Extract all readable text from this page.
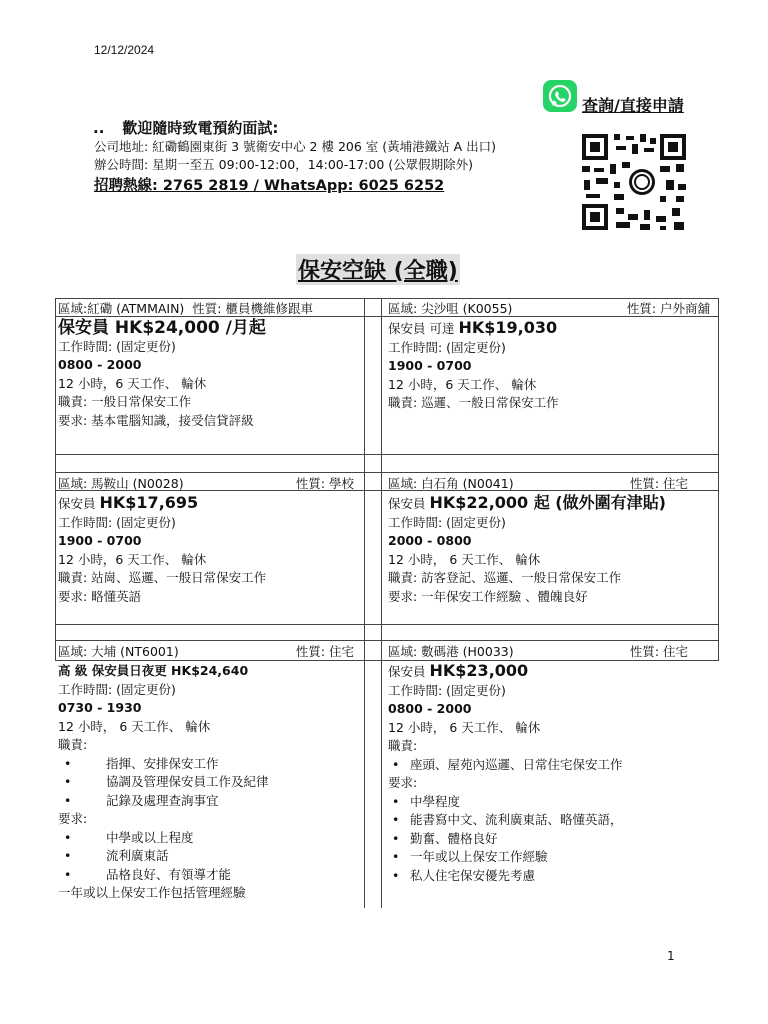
12/12/2024
查詢/直接申請
.. 歡迎隨時致電預約面試:
公司地址: 紅磡鶴園東街 3 號衛安中心 2 樓 206 室 (黃埔港鐵站 A 出口)
辦公時間: 星期一至五 09:00-12:00，14:00-17:00 (公眾假期除外)
招聘熱線: 2765 2819 / WhatsApp: 6025 6252
保安空缺 (全職)
區域:紅磡 (ATMMAIN) 性質: 櫃員機維修跟車
保安員 HK$24,000 /月起
工作時間: (固定更份)
0800 - 2000
12 小時，6 天工作、 輪休
職責: 一般日常保安工作
要求: 基本電腦知識，接受信貸評級
區域: 尖沙咀 (K0055)	性質: 户外商舖
保安員 可達 HK$19,030
工作時間: (固定更份)
1900 - 0700
12 小時，6 天工作、 輪休
職責: 巡邏、一般日常保安工作
區域: 馬鞍山 (N0028)	性質: 學校
保安員 HK$17,695
工作時間: (固定更份)
1900 - 0700
12 小時，6 天工作、 輪休
職責: 站崗、巡邏、一般日常保安工作
要求: 略懂英語
區域: 白石角 (N0041)	性質: 住宅
保安員 HK$22,000 起 (做外圍有津貼)
工作時間: (固定更份)
2000 - 0800
12 小時， 6 天工作、 輪休
職責: 訪客登記、巡邏、一般日常保安工作
要求: 一年保安工作經驗 、體魄良好
區域: 大埔 (NT6001)	性質: 住宅
高 級 保安員日夜更 HK$24,640
工作時間: (固定更份)
0730 - 1930
12 小時， 6 天工作、 輪休
職責:
• 指揮、安排保安工作
• 協調及管理保安員工作及紀律
• 記錄及處理查詢事宜
要求:
• 中學或以上程度
• 流利廣東話
• 品格良好、有領導才能
一年或以上保安工作包括管理經驗
區域: 數碼港 (H0033)	性質: 住宅
保安員 HK$23,000
工作時間: (固定更份)
0800 - 2000
12 小時， 6 天工作、 輪休
職責:
• 座頭、屋苑內巡邏、日常住宅保安工作
要求:
• 中學程度
• 能書寫中文、流利廣東話、略懂英語，
• 勤奮、體格良好
• 一年或以上保安工作經驗
• 私人住宅保安優先考慮
1
